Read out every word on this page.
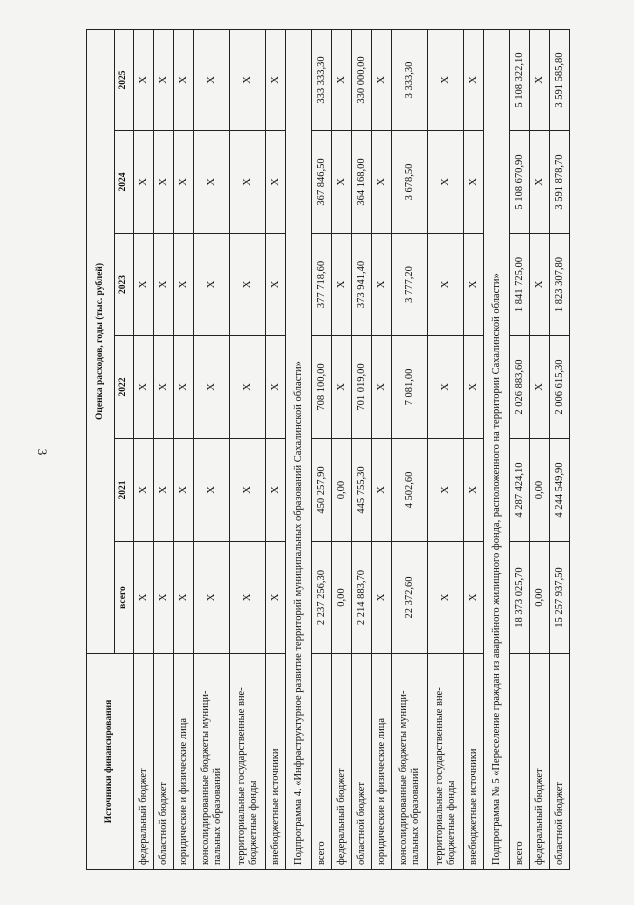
3
Источники финансирования	Оценка расходов, годы (тыс. рублей)					
	всего	2021	2022	2023	2024	2025
федеральный бюджет	X	X	X	X	X	X
областной бюджет	X	X	X	X	X	X
юридические и физические лица	X	X	X	X	X	X
консолидированные бюджеты муници-пальных образований	X	X	X	X	X	X
территориальные государственные вне-бюджетные фонды	X	X	X	X	X	X
внебюджетные источники	X	X	X	X	X	X
Подпрограмма 4. «Инфраструктурное развитие территорий муниципальных образований Сахалинской области»						
всего	2 237 256,30	450 257,90	708 100,00	377 718,60	367 846,50	333 333,30
федеральный бюджет	0,00	0,00	X	X	X	X
областной бюджет	2 214 883,70	445 755,30	701 019,00	373 941,40	364 168,00	330 000,00
юридические и физические лица	X	X	X	X	X	X
консолидированные бюджеты муници-пальных образований	22 372,60	4 502,60	7 081,00	3 777,20	3 678,50	3 333,30
территориальные государственные вне-бюджетные фонды	X	X	X	X	X	X
внебюджетные источники	X	X	X	X	X	X
Подпрограмма № 5 «Переселение граждан из аварийного жилищного фонда, расположенного на территории Сахалинской области»						
всего	18 373 025,70	4 287 424,10	2 026 883,60	1 841 725,00	5 108 670,90	5 108 322,10
федеральный бюджет	0,00	0,00	X	X	X	X
областной бюджет	15 257 937,50	4 244 549,90	2 006 615,30	1 823 307,80	3 591 878,70	3 591 585,80
